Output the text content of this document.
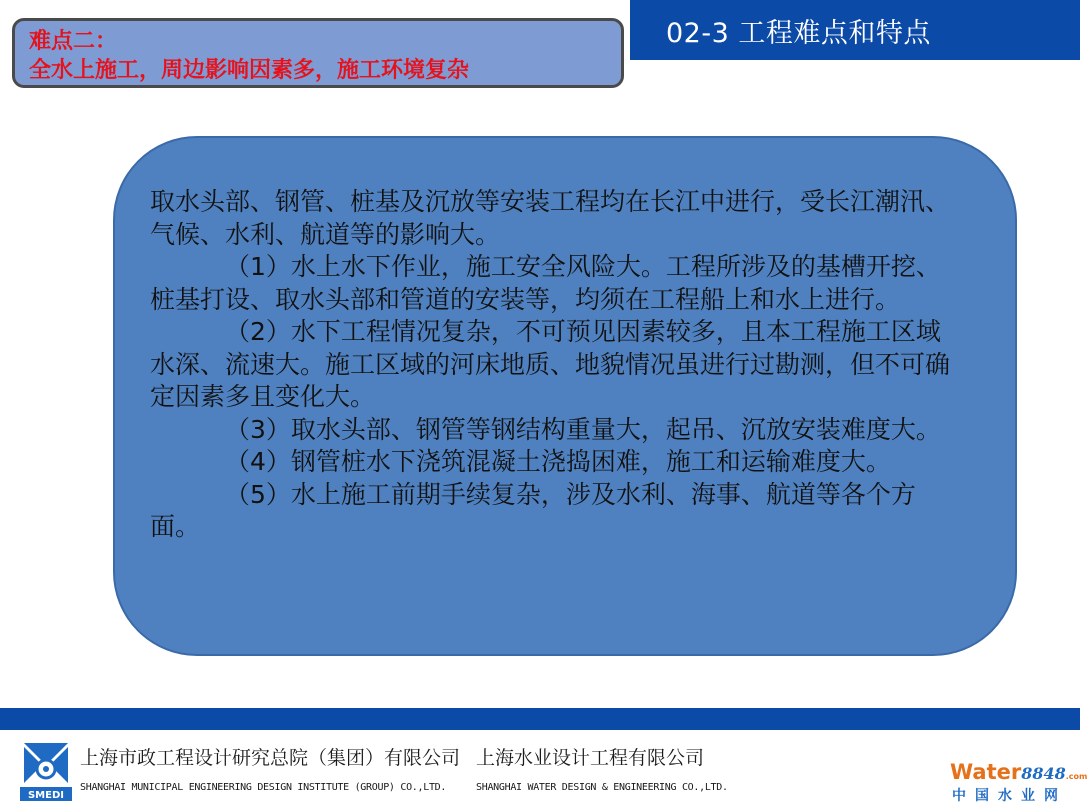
02-3 工程难点和特点
难点二：
全水上施工，周边影响因素多，施工环境复杂

取水头部、钢管、桩基及沉放等安装工程均在长江中进行，受长江潮汛、气候、水利、航道等的影响大。

（1）水上水下作业，施工安全风险大。工程所涉及的基槽开挖、桩基打设、取水头部和管道的安装等，均须在工程船上和水上进行。

（2）水下工程情况复杂，不可预见因素较多，且本工程施工区域水深、流速大。施工区域的河床地质、地貌情况虽进行过勘测，但不可确定因素多且变化大。

（3）取水头部、钢管等钢结构重量大，起吊、沉放安装难度大。

（4）钢管桩水下浇筑混凝土浇捣困难，施工和运输难度大。

（5）水上施工前期手续复杂，涉及水利、海事、航道等各个方面。

SMEDI
上海市政工程设计研究总院（集团）有限公司
SHANGHAI MUNICIPAL ENGINEERING DESIGN INSTITUTE (GROUP) CO.,LTD.
上海水业设计工程有限公司
SHANGHAI WATER DESIGN & ENGINEERING CO.,LTD.
Water8848.com
中国水业网
